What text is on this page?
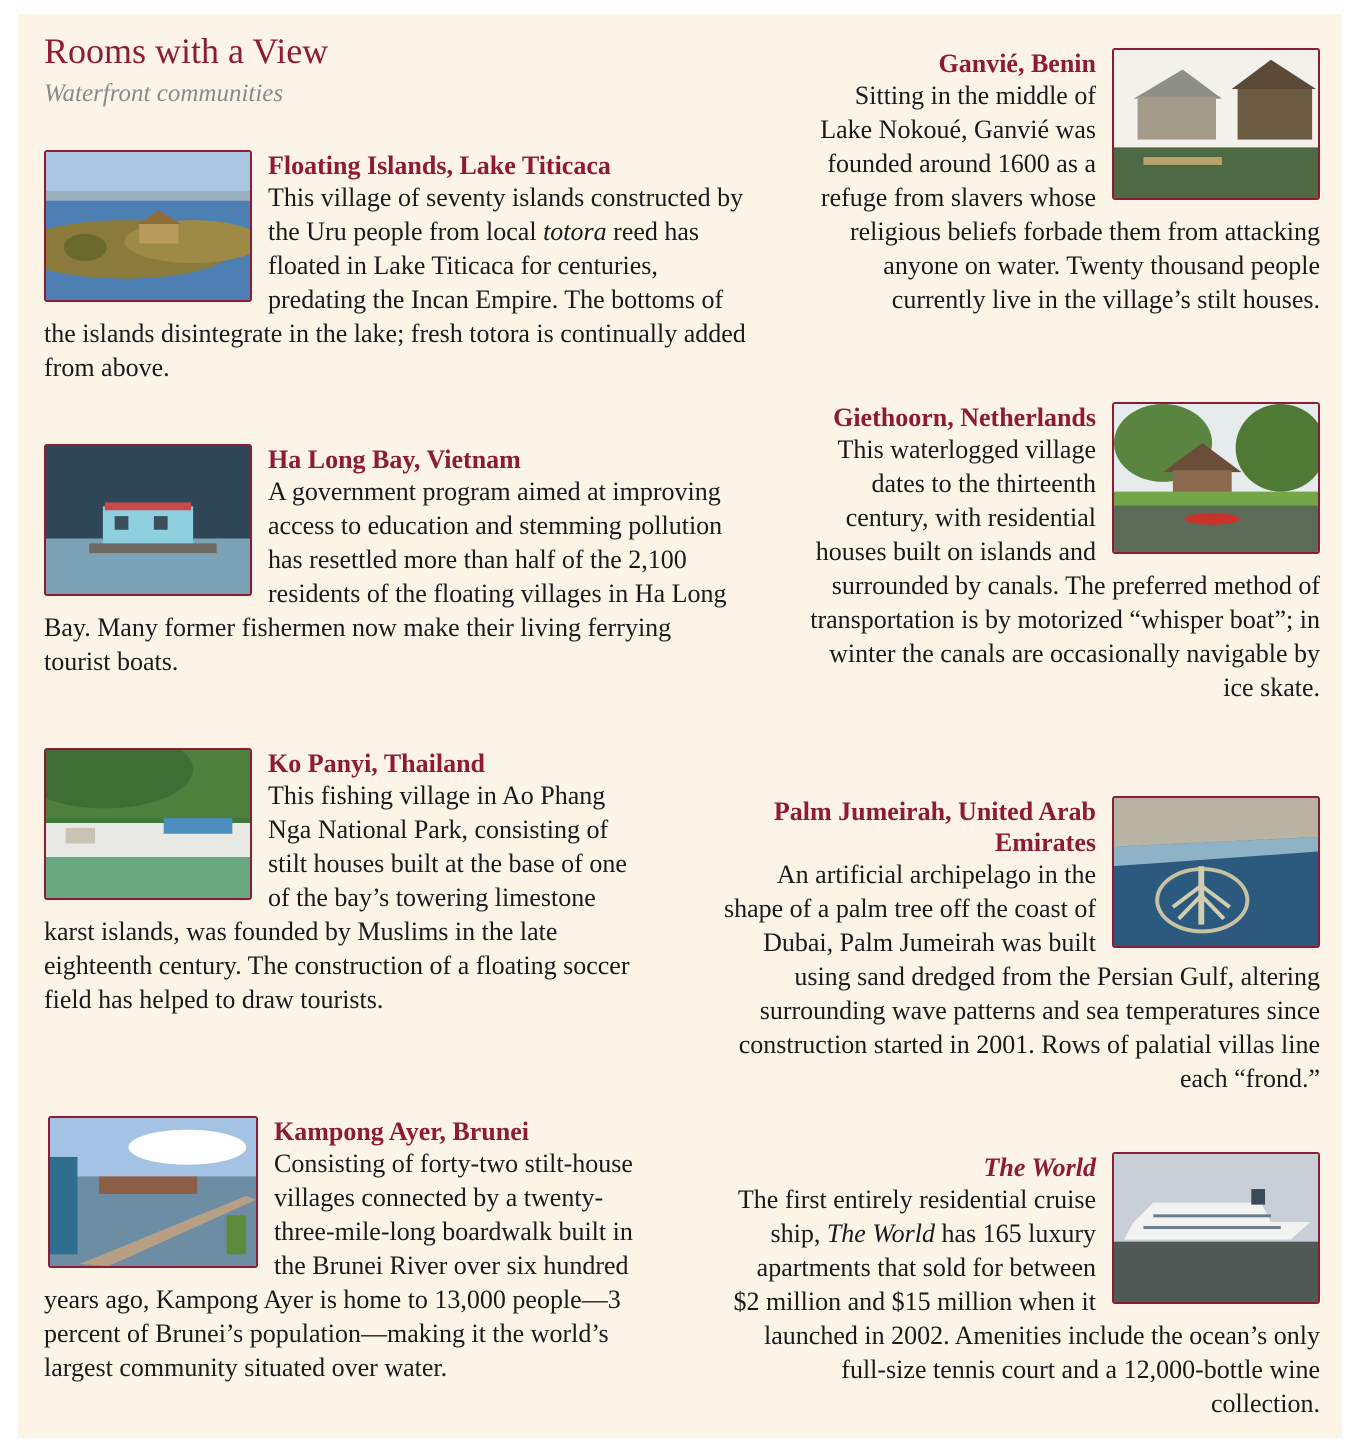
Rooms with a View
Waterfront communities
Floating Islands, Lake Titicaca

This village of seventy islands constructed by the Uru people from local totora reed has floated in Lake Titicaca for centuries, predating the Incan Empire. The bottoms of the islands disintegrate in the lake; fresh totora is continually added from above.

Ha Long Bay, Vietnam

A government program aimed at improving access to education and stemming pollution has resettled more than half of the 2,100 residents of the floating villages in Ha Long Bay. Many former fishermen now make their living ferrying tourist boats.

Ko Panyi, Thailand

This fishing village in Ao Phang Nga National Park, consisting of stilt houses built at the base of one of the bay’s towering limestone karst islands, was founded by Muslims in the late eighteenth century. The construction of a floating soccer field has helped to draw tourists.

Kampong Ayer, Brunei

Consisting of forty-two stilt-house villages connected by a twenty-three-mile-long boardwalk built in the Brunei River over six hundred years ago, Kampong Ayer is home to 13,000 people—3 percent of Brunei’s population—making it the world’s largest community situated over water.

Ganvié, Benin

Sitting in the middle of Lake Nokoué, Ganvié was founded around 1600 as a refuge from slavers whose religious beliefs forbade them from attacking anyone on water. Twenty thousand people currently live in the village’s stilt houses.

Giethoorn, Netherlands

This waterlogged village dates to the thirteenth century, with residential houses built on islands and surrounded by canals. The preferred method of transportation is by motorized “whisper boat”; in winter the canals are occasionally navigable by ice skate.

Palm Jumeirah, United Arab Emirates

An artificial archipelago in the shape of a palm tree off the coast of Dubai, Palm Jumeirah was built using sand dredged from the Persian Gulf, altering surrounding wave patterns and sea temperatures since construction started in 2001. Rows of palatial villas line each “frond.”

The World

The first entirely residential cruise ship, The World has 165 luxury apartments that sold for between $2 million and $15 million when it launched in 2002. Amenities include the ocean’s only full-size tennis court and a 12,000-bottle wine collection.
